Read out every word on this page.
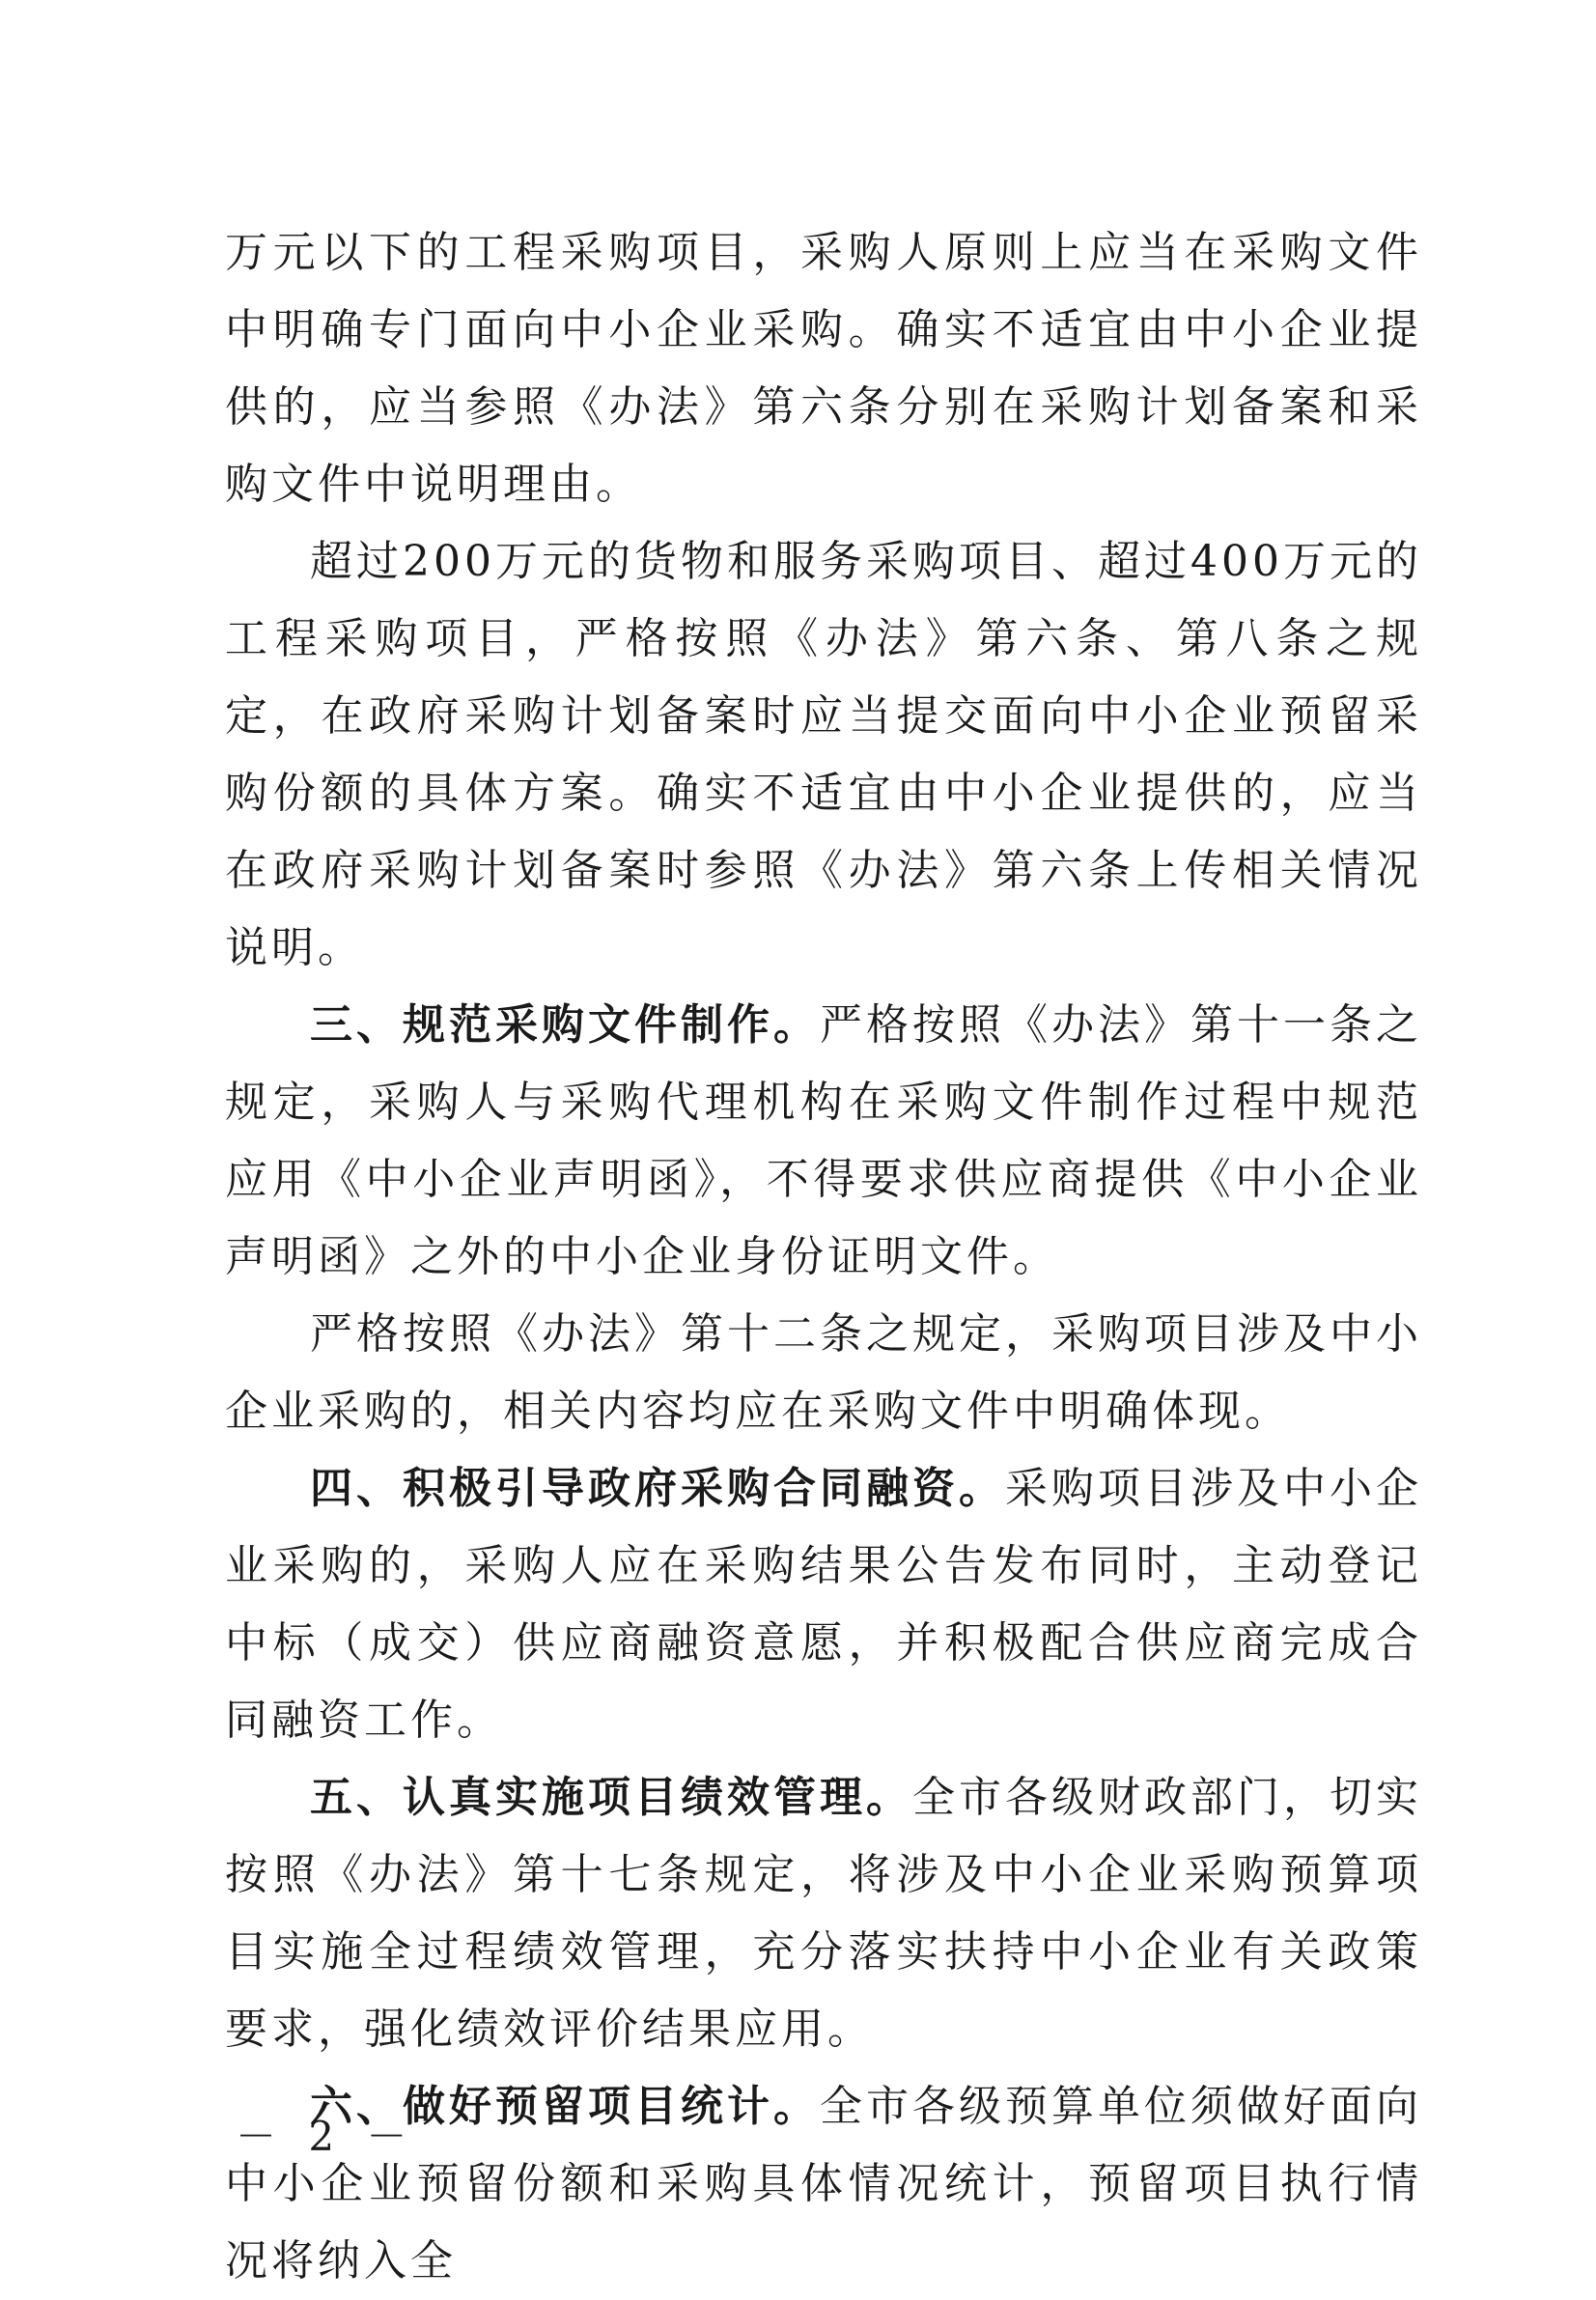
万元以下的工程采购项目，采购人原则上应当在采购文件中明确专门面向中小企业采购。确实不适宜由中小企业提供的，应当参照《办法》第六条分别在采购计划备案和采购文件中说明理由。

超过200万元的货物和服务采购项目、超过400万元的工程采购项目，严格按照《办法》第六条、第八条之规定，在政府采购计划备案时应当提交面向中小企业预留采购份额的具体方案。确实不适宜由中小企业提供的，应当在政府采购计划备案时参照《办法》第六条上传相关情况说明。

三、规范采购文件制作。严格按照《办法》第十一条之规定，采购人与采购代理机构在采购文件制作过程中规范应用《中小企业声明函》，不得要求供应商提供《中小企业声明函》之外的中小企业身份证明文件。

严格按照《办法》第十二条之规定，采购项目涉及中小企业采购的，相关内容均应在采购文件中明确体现。

四、积极引导政府采购合同融资。采购项目涉及中小企业采购的，采购人应在采购结果公告发布同时，主动登记中标（成交）供应商融资意愿，并积极配合供应商完成合同融资工作。

五、认真实施项目绩效管理。全市各级财政部门，切实按照《办法》第十七条规定，将涉及中小企业采购预算项目实施全过程绩效管理，充分落实扶持中小企业有关政策要求，强化绩效评价结果应用。

六、做好预留项目统计。全市各级预算单位须做好面向中小企业预留份额和采购具体情况统计，预留项目执行情况将纳入全

－ 2 －
